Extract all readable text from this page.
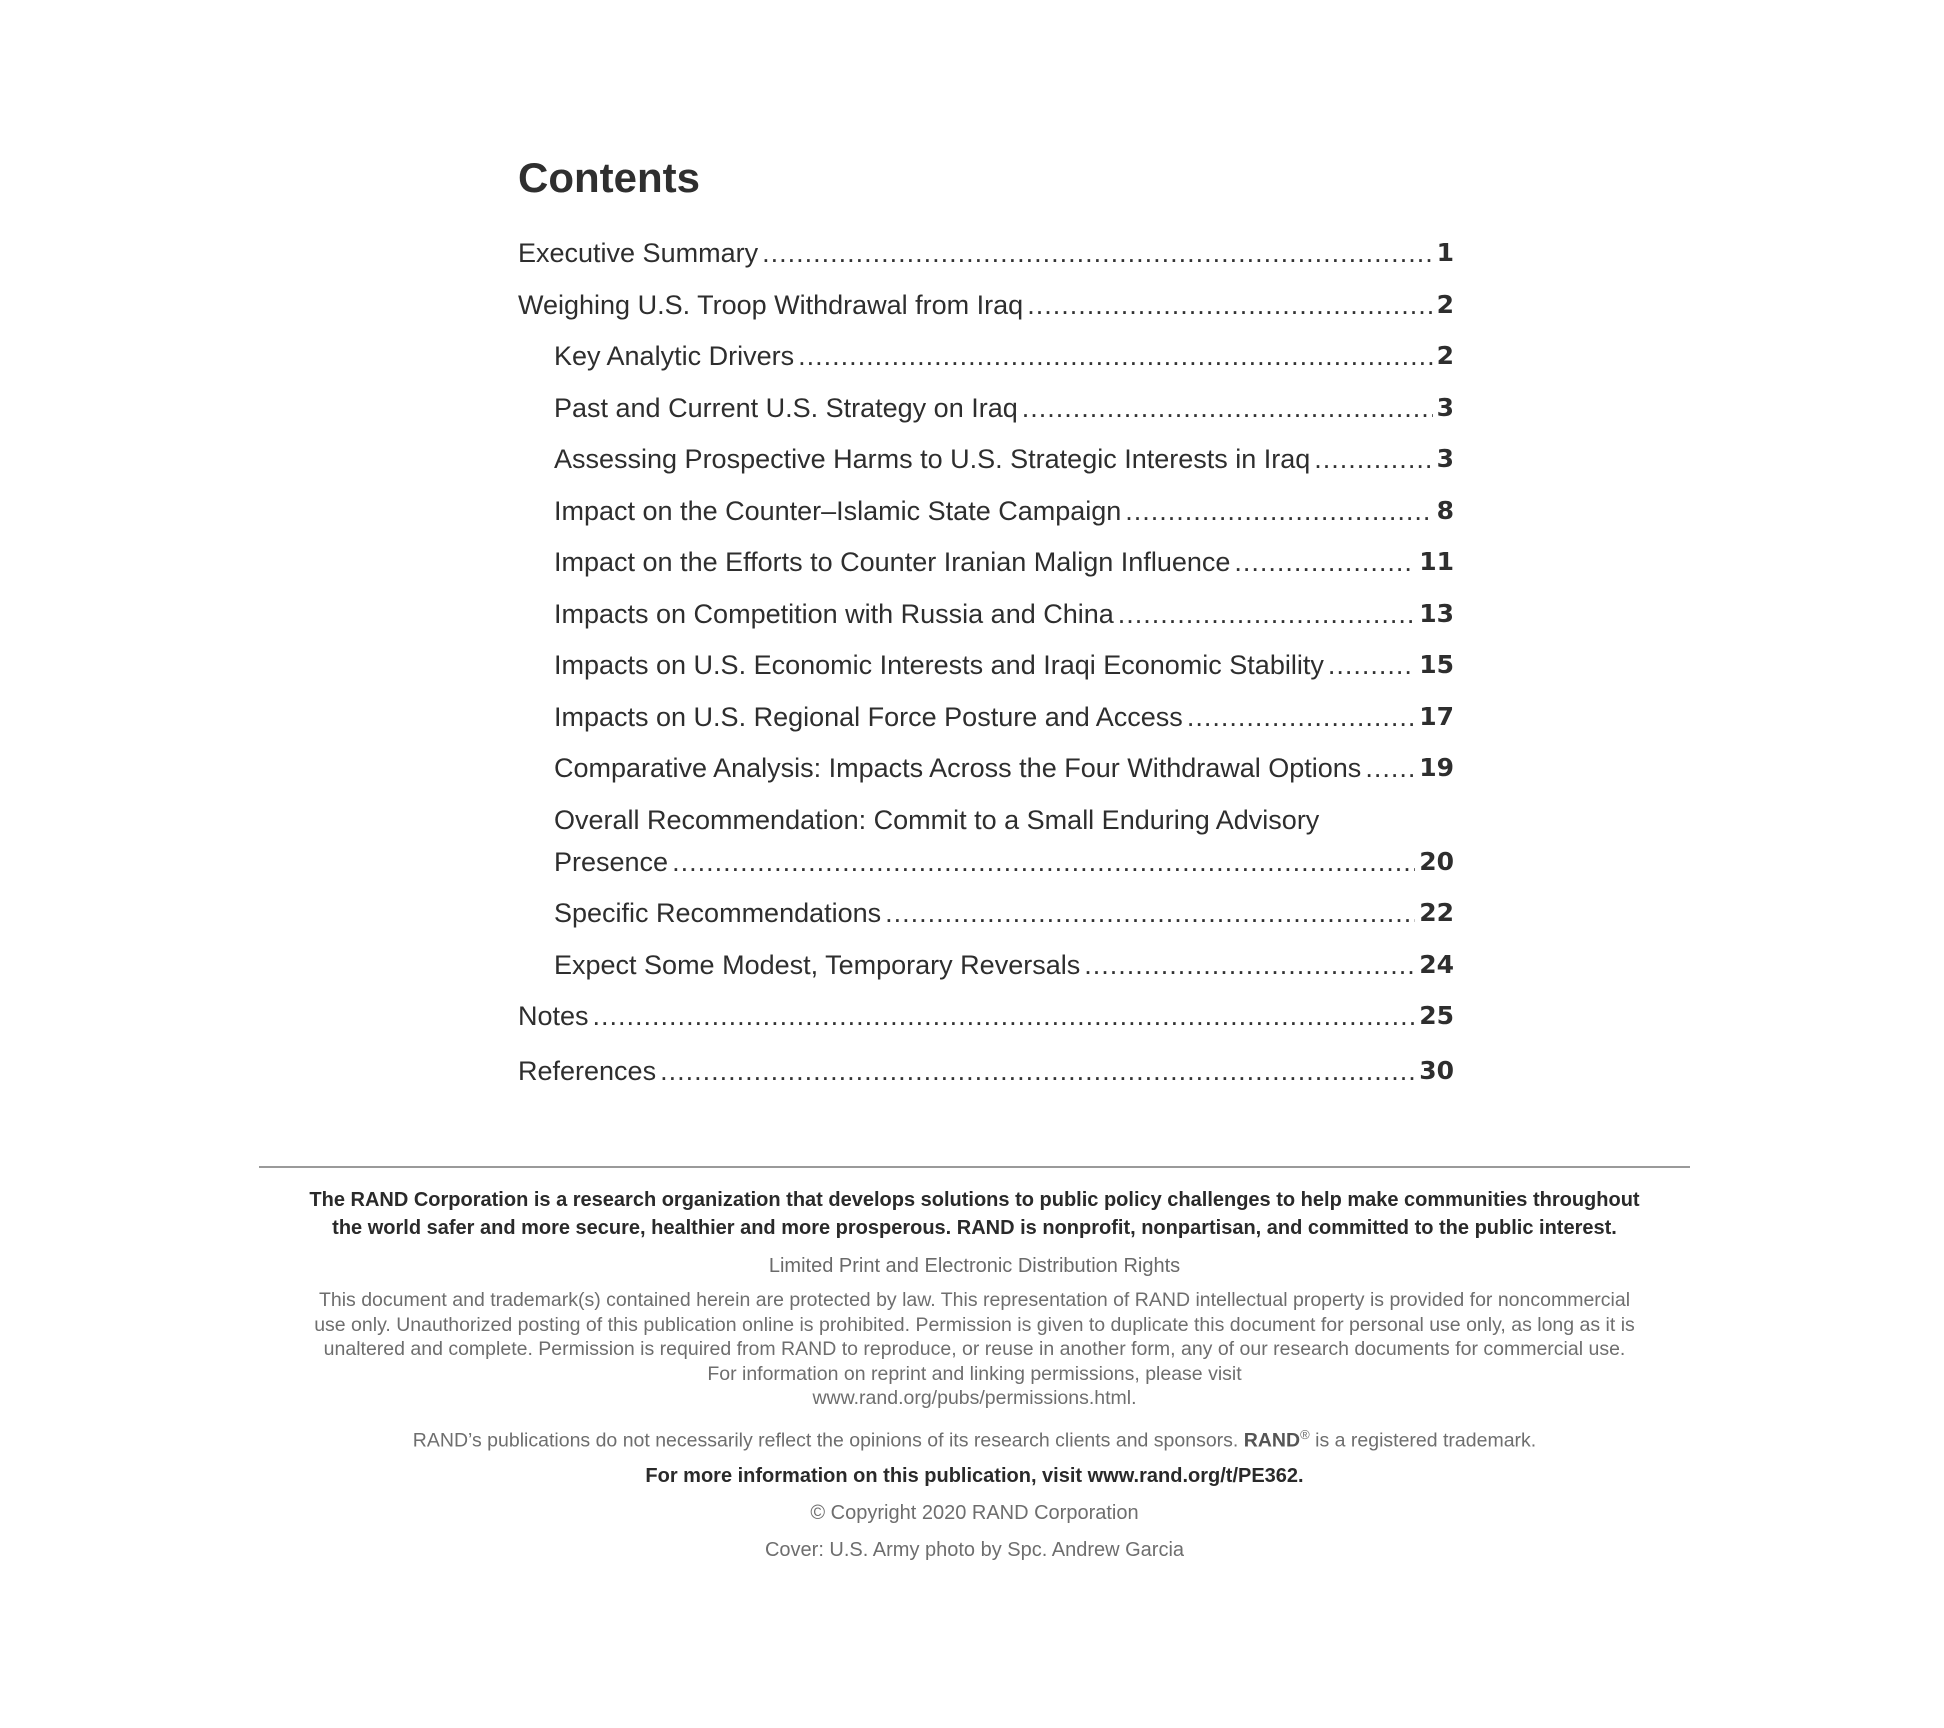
Contents
Executive Summary .....	1
Weighing U.S. Troop Withdrawal from Iraq .....	2
Key Analytic Drivers .....	2
Past and Current U.S. Strategy on Iraq .....	3
Assessing Prospective Harms to U.S. Strategic Interests in Iraq .....	3
Impact on the Counter–Islamic State Campaign .....	8
Impact on the Efforts to Counter Iranian Malign Influence .....	11
Impacts on Competition with Russia and China .....	13
Impacts on U.S. Economic Interests and Iraqi Economic Stability .....	15
Impacts on U.S. Regional Force Posture and Access .....	17
Comparative Analysis: Impacts Across the Four Withdrawal Options ..... 19
Overall Recommendation: Commit to a Small Enduring Advisory
Presence .....	20
Specific Recommendations .....	22
Expect Some Modest, Temporary Reversals .....	24
Notes .....	25
References .....	30
The RAND Corporation is a research organization that develops solutions to public policy challenges to help make communities throughout
the world safer and more secure, healthier and more prosperous. RAND is nonprofit, nonpartisan, and committed to the public interest.
Limited Print and Electronic Distribution Rights
This document and trademark(s) contained herein are protected by law. This representation of RAND intellectual property is provided for noncommercial
use only. Unauthorized posting of this publication online is prohibited. Permission is given to duplicate this document for personal use only, as long as it is
unaltered and complete. Permission is required from RAND to reproduce, or reuse in another form, any of our research documents for commercial use.
For information on reprint and linking permissions, please visit
www.rand.org/pubs/permissions.html.
RAND’s publications do not necessarily reflect the opinions of its research clients and sponsors. RAND® is a registered trademark.
For more information on this publication, visit www.rand.org/t/PE362.
© Copyright 2020 RAND Corporation
Cover: U.S. Army photo by Spc. Andrew Garcia
